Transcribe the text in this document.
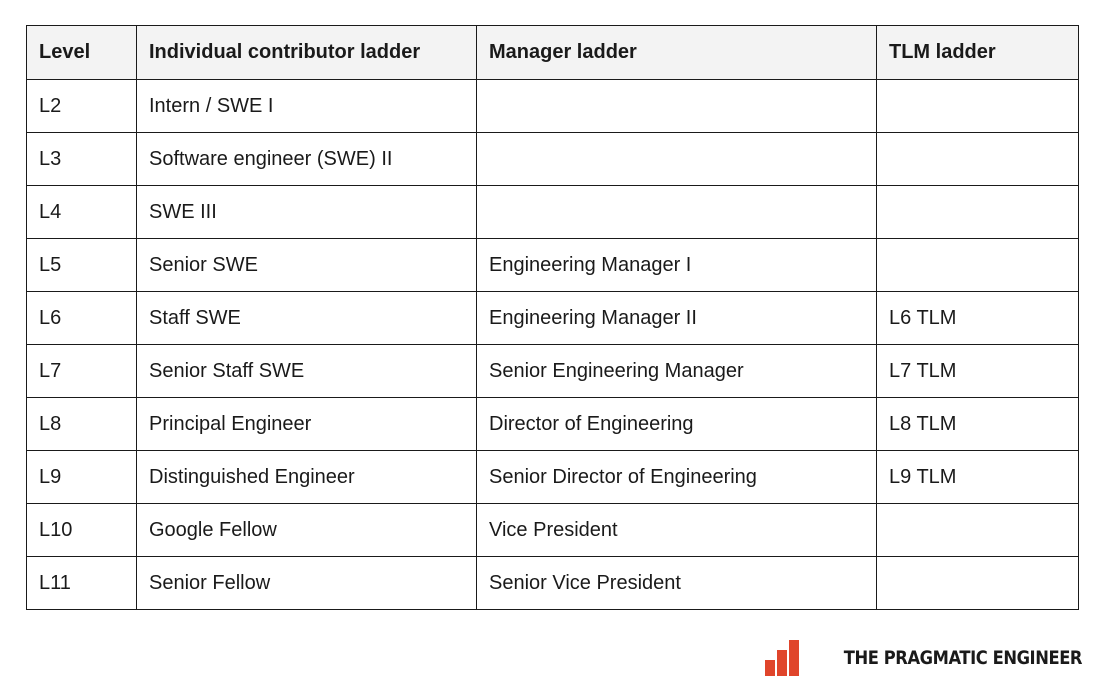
Level	Individual contributor ladder	Manager ladder	TLM ladder
L2	Intern / SWE I		
L3	Software engineer (SWE) II		
L4	SWE III		
L5	Senior SWE	Engineering Manager I	
L6	Staff SWE	Engineering Manager II	L6 TLM
L7	Senior Staff SWE	Senior Engineering Manager	L7 TLM
L8	Principal Engineer	Director of Engineering	L8 TLM
L9	Distinguished Engineer	Senior Director of Engineering	L9 TLM
L10	Google Fellow	Vice President	
L11	Senior Fellow	Senior Vice President	
THE PRAGMATIC ENGINEER
